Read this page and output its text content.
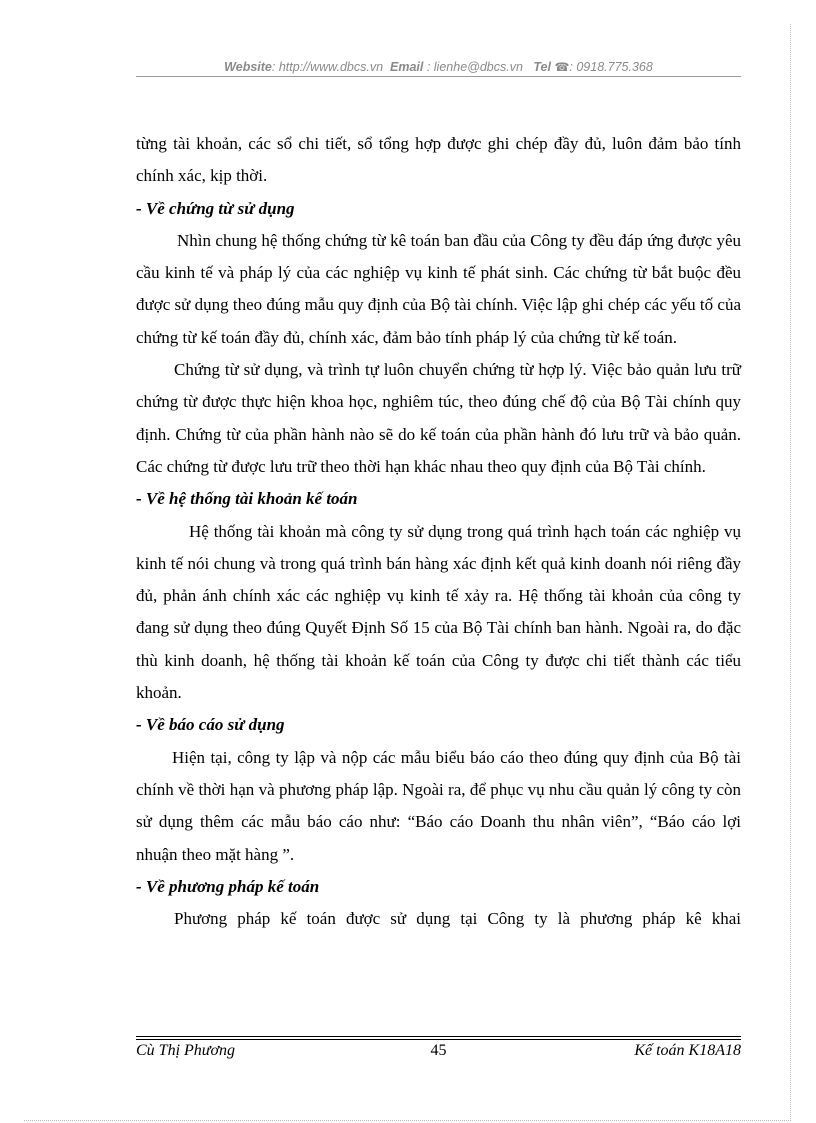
Website: http://www.dbcs.vn Email : lienhe@dbcs.vn Tel ☎: 0918.775.368

từng tài khoản, các sổ chi tiết, sổ tổng hợp được ghi chép đầy đủ, luôn đảm bảo tính chính xác, kịp thời.

- Về chứng từ sử dụng

Nhìn chung hệ thống chứng từ kê toán ban đầu của Công ty đều đáp ứng được yêu cầu kinh tế và pháp lý của các nghiệp vụ kinh tế phát sinh. Các chứng từ bắt buộc đều được sử dụng theo đúng mẫu quy định của Bộ tài chính. Việc lập ghi chép các yếu tố của chứng từ kế toán đầy đủ, chính xác, đảm bảo tính pháp lý của chứng từ kế toán.

Chứng từ sử dụng, và trình tự luôn chuyển chứng từ hợp lý. Việc bảo quản lưu trữ chứng từ được thực hiện khoa học, nghiêm túc, theo đúng chế độ của Bộ Tài chính quy định. Chứng từ của phần hành nào sẽ do kế toán của phần hành đó lưu trữ và bảo quản. Các chứng từ được lưu trữ theo thời hạn khác nhau theo quy định của Bộ Tài chính.

- Về hệ thống tài khoản kế toán

Hệ thống tài khoản mà công ty sử dụng trong quá trình hạch toán các nghiệp vụ kinh tế nói chung và trong quá trình bán hàng xác định kết quả kinh doanh nói riêng đầy đủ, phản ánh chính xác các nghiệp vụ kinh tế xảy ra. Hệ thống tài khoản của công ty đang sử dụng theo đúng Quyết Định Số 15 của Bộ Tài chính ban hành. Ngoài ra, do đặc thù kinh doanh, hệ thống tài khoản kế toán của Công ty được chi tiết thành các tiểu khoản.

- Về báo cáo sử dụng

Hiện tại, công ty lập và nộp các mẫu biểu báo cáo theo đúng quy định của Bộ tài chính về thời hạn và phương pháp lập. Ngoài ra, để phục vụ nhu cầu quản lý công ty còn sử dụng thêm các mẫu báo cáo như: “Báo cáo Doanh thu nhân viên”, “Báo cáo lợi nhuận theo mặt hàng ”.

- Về phương pháp kế toán

Phương pháp kế toán được sử dụng tại Công ty là phương pháp kê khai

Cù Thị Phương	45	Kế toán K18A18
